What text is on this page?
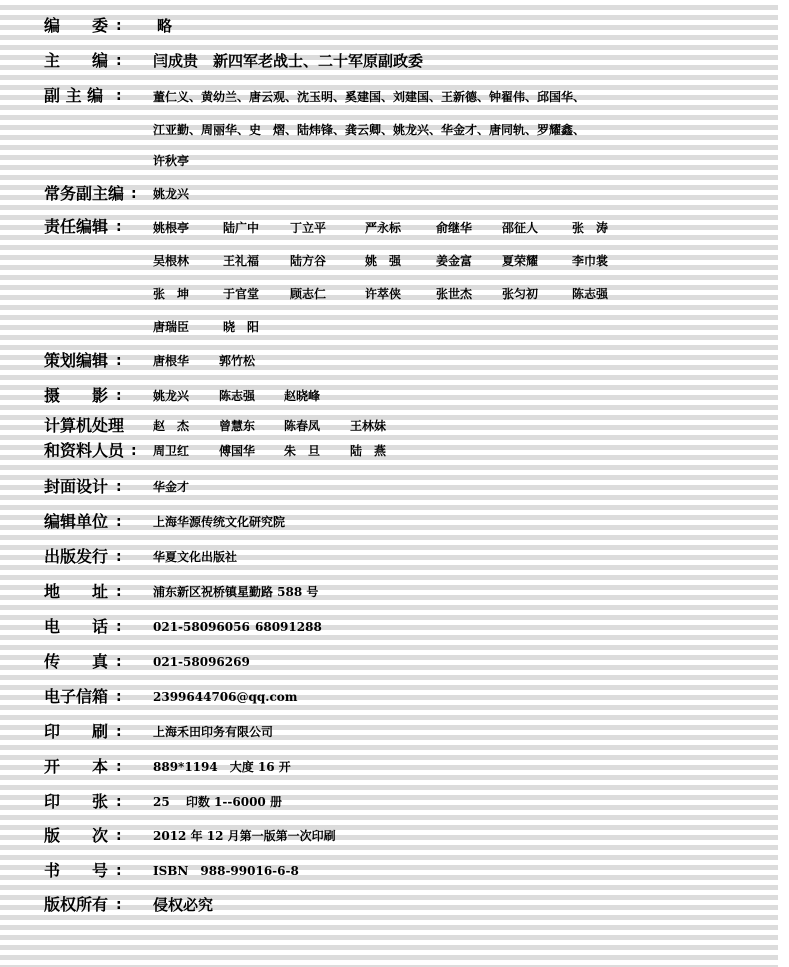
编　　委 : 略
主　　编 : 闫成贵　新四军老战士、二十军原副政委
副 主 编 :	董仁义、黄幼兰、唐云观、沈玉明、奚建国、刘建国、王新德、钟翟伟、邱国华、
江亚勤、周丽华、史　熠、陆炜锋、龚云卿、姚龙兴、华金才、唐同轨、罗耀鑫、
许秋亭
常务副主编 : 姚龙兴
责任编辑 :	姚根亭	陆广中	丁立平	严永标	俞继华 邵征人	张　涛
吴根林	王礼福	陆方谷	姚　强	姜金富 夏荣耀	李巾裳
张　坤	于官堂	顾志仁	许萃侠	张世杰 张匀初	陈志强
唐瑞臣	晓　阳
策划编辑 :	唐根华 郭竹松
摄　　影 :	姚龙兴 陈志强 赵晓峰
计算机处理 赵　杰 曾慧东 陈春凤 王林妹
和资料人员 : 周卫红 傅国华 朱　旦 陆　燕
封面设计 :	华金才
编辑单位 :	上海华源传统文化研究院
出版发行 :	华夏文化出版社
地　　址 :	浦东新区祝桥镇星勤路 588 号
电　　话 :	021-58096056 68091288
传　　真 :	021-58096269
电子信箱 :	2399644706@qq.com
印　　刷 :	上海禾田印务有限公司
开　　本 :	889*1194　大度 16 开
印　　张 :	25　 印数 1--6000 册
版　　次 :	2012 年 12 月第一版第一次印刷
书　　号 :	ISBN　988-99016-6-8
版权所有 : 侵权必究
